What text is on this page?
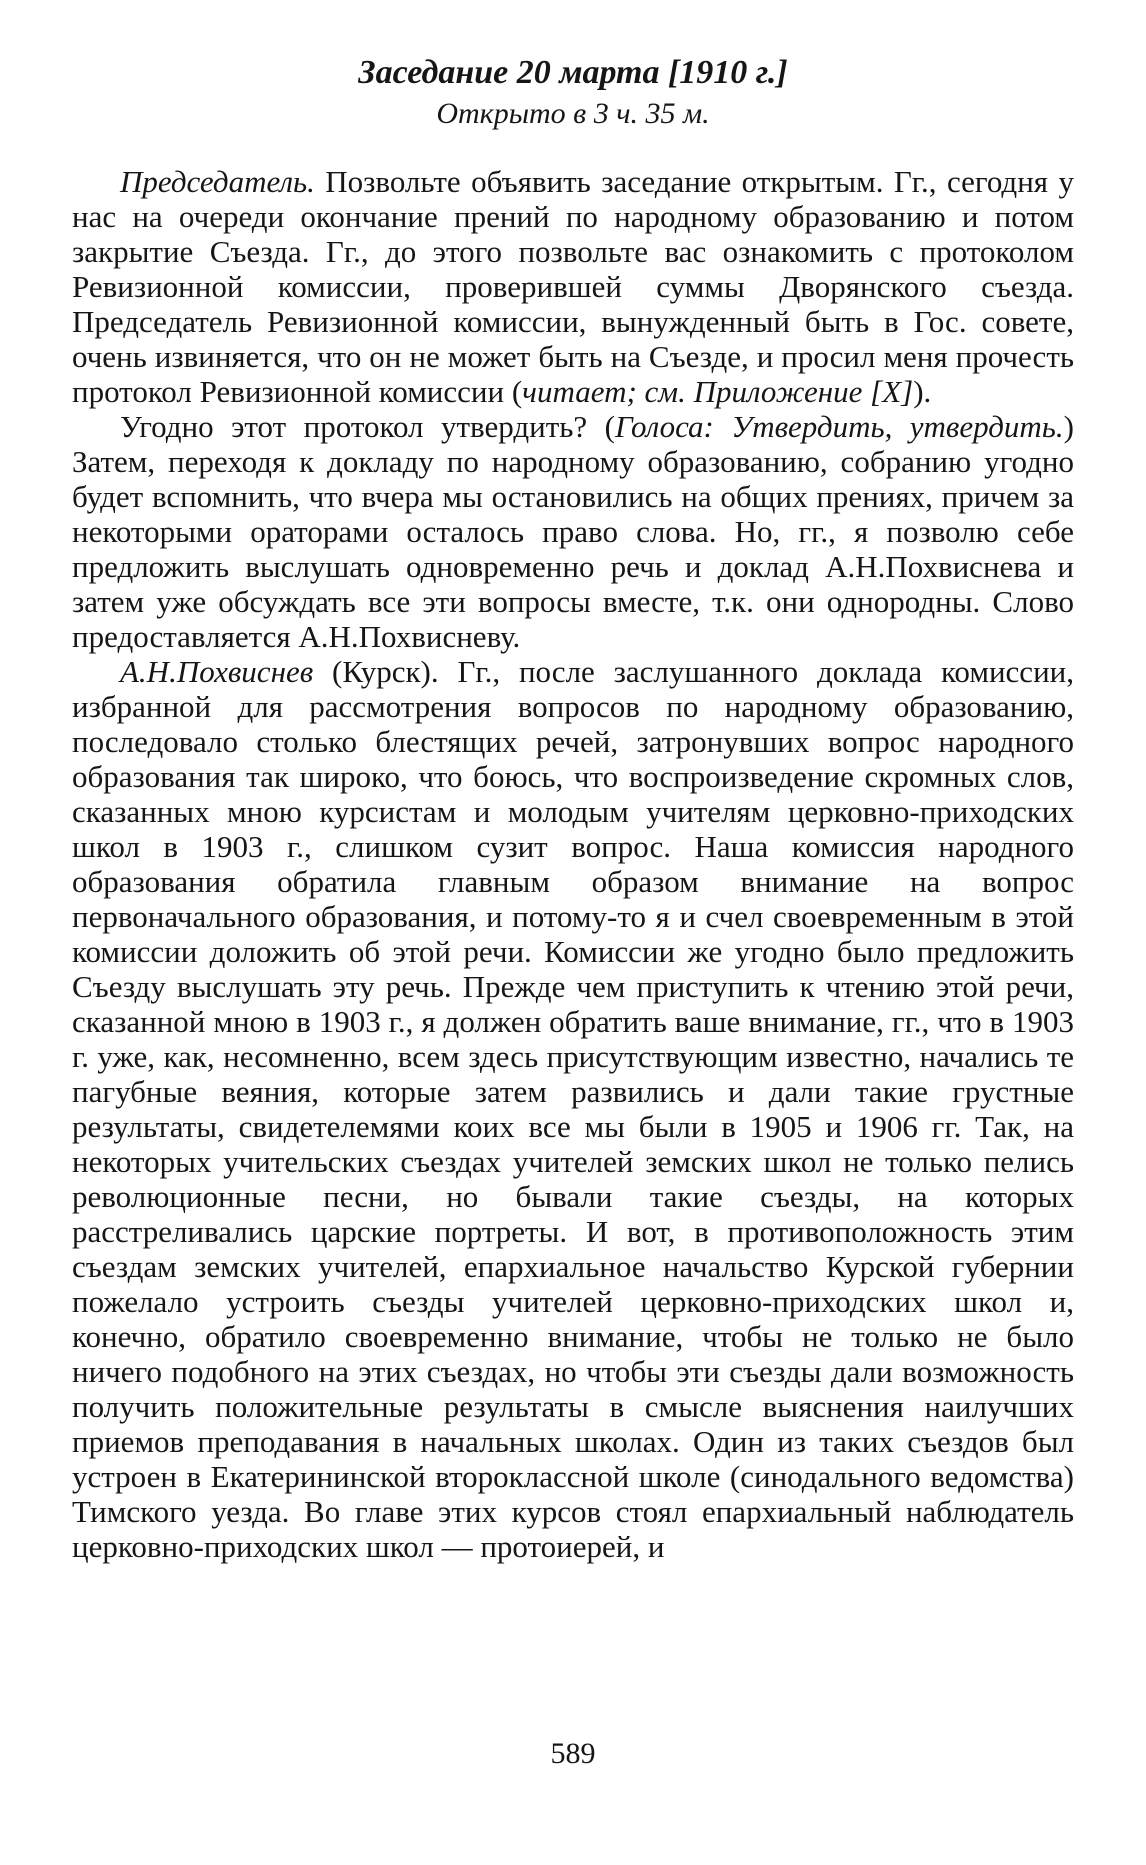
Заседание 20 марта [1910 г.]
Открыто в 3 ч. 35 м.

Председатель. Позвольте объявить заседание открытым. Гг., сегодня у нас на очереди окончание прений по народному образованию и потом закрытие Съезда. Гг., до этого позвольте вас ознакомить с протоколом Ревизионной комиссии, проверившей суммы Дворянского съезда. Председатель Ревизионной комиссии, вынужденный быть в Гос. совете, очень извиняется, что он не может быть на Съезде, и просил меня прочесть протокол Ревизионной комиссии (читает; см. Приложение [X]).

Угодно этот протокол утвердить? (Голоса: Утвердить, утвердить.) Затем, переходя к докладу по народному образованию, собранию угодно будет вспомнить, что вчера мы остановились на общих прениях, причем за некоторыми ораторами осталось право слова. Но, гг., я позволю себе предложить выслушать одновременно речь и доклад А.Н.Похвиснева и затем уже обсуждать все эти вопросы вместе, т.к. они однородны. Слово предоставляется А.Н.Похвисневу.

А.Н.Похвиснев (Курск). Гг., после заслушанного доклада комиссии, избранной для рассмотрения вопросов по народному образованию, последовало столько блестящих речей, затронувших вопрос народного образования так широко, что боюсь, что воспроизведение скромных слов, сказанных мною курсистам и молодым учителям церковно-приходских школ в 1903 г., слишком сузит вопрос. Наша комиссия народного образования обратила главным образом внимание на вопрос первоначального образования, и потому-то я и счел своевременным в этой комиссии доложить об этой речи. Комиссии же угодно было предложить Съезду выслушать эту речь. Прежде чем приступить к чтению этой речи, сказанной мною в 1903 г., я должен обратить ваше внимание, гг., что в 1903 г. уже, как, несомненно, всем здесь присутствующим известно, начались те пагубные веяния, которые затем развились и дали такие грустные результаты, свидетелемями коих все мы были в 1905 и 1906 гг. Так, на некоторых учительских съездах учителей земских школ не только пелись революционные песни, но бывали такие съезды, на которых расстреливались царские портреты. И вот, в противоположность этим съездам земских учителей, епархиальное начальство Курской губернии пожелало устроить съезды учителей церковно-приходских школ и, конечно, обратило своевременно внимание, чтобы не только не было ничего подобного на этих съездах, но чтобы эти съезды дали возможность получить положительные результаты в смысле выяснения наилучших приемов преподавания в начальных школах. Один из таких съездов был устроен в Екатерининской второклассной школе (синодального ведомства) Тимского уезда. Во главе этих курсов стоял епархиальный наблюдатель церковно-приходских школ — протоиерей, и

589
